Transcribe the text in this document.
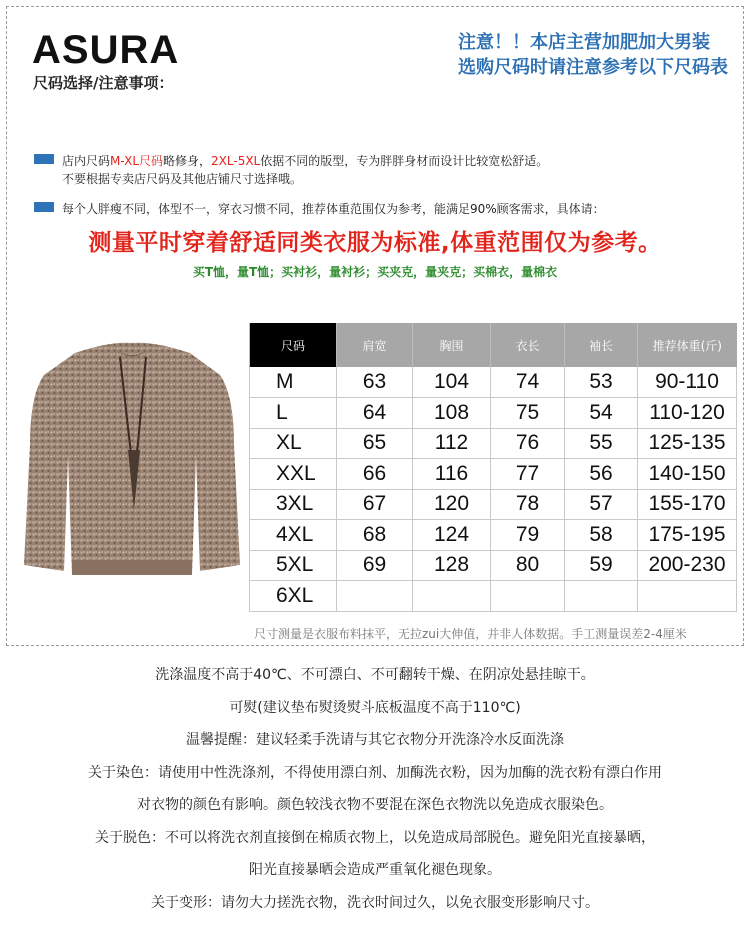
ASURA
尺码选择/注意事项：
注意！！本店主营加肥加大男装
选购尺码时请注意参考以下尺码表
店内尺码M-XL尺码略修身，2XL-5XL依据不同的版型，专为胖胖身材而设计比较宽松舒适。
不要根据专卖店尺码及其他店铺尺寸选择哦。
每个人胖瘦不同，体型不一，穿衣习惯不同，推荐体重范围仅为参考，能满足90%顾客需求，具体请：
测量平时穿着舒适同类衣服为标准,体重范围仅为参考。
买T恤，量T恤；买衬衫，量衬衫；买夹克，量夹克；买棉衣，量棉衣
尺码	肩宽	胸围	衣长	袖长	推荐体重(斤)
M	63	104	74	53	90-110
L	64	108	75	54	110-120
XL	65	112	76	55	125-135
XXL	66	116	77	56	140-150
3XL	67	120	78	57	155-170
4XL	68	124	79	58	175-195
5XL	69	128	80	59	200-230
6XL					
尺寸测量是衣服布料抹平，无拉zui大伸值，并非人体数据。手工测量误差2-4厘米

洗涤温度不高于40℃、不可漂白、不可翻转干燥、在阴凉处悬挂晾干。

可熨(建议垫布熨烫熨斗底板温度不高于110℃)

温馨提醒：建议轻柔手洗请与其它衣物分开洗涤冷水反面洗涤

关于染色：请使用中性洗涤剂，不得使用漂白剂、加酶洗衣粉，因为加酶的洗衣粉有漂白作用

对衣物的颜色有影响。颜色较浅衣物不要混在深色衣物洗以免造成衣服染色。

关于脱色：不可以将洗衣剂直接倒在棉质衣物上，以免造成局部脱色。避免阳光直接暴晒，

阳光直接暴晒会造成严重氧化褪色现象。

关于变形：请勿大力搓洗衣物，洗衣时间过久，以免衣服变形影响尺寸。
